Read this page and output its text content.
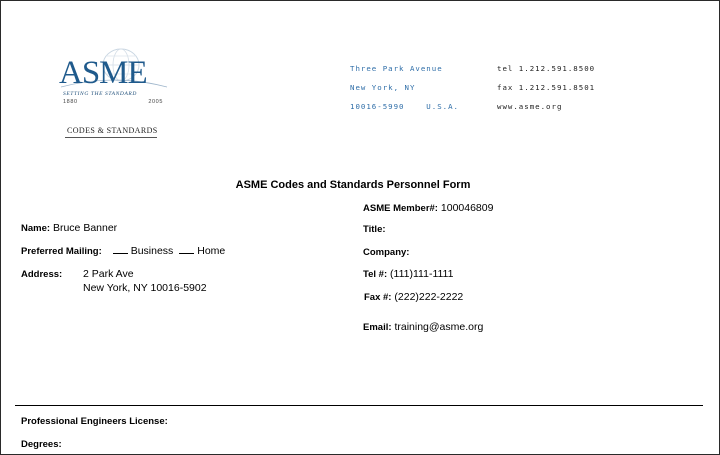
ASME
SETTING THE STANDARD
1880	2005
CODES & STANDARDS
Three Park Avenue
New York, NY
10016-5990    U.S.A.
tel 1.212.591.8500
fax 1.212.591.8501
www.asme.org
ASME Codes and Standards Personnel Form
Name: Bruce Banner
Preferred Mailing:	Business Home
Address: 2 Park Ave
New York, NY 10016-5902
ASME Member#: 100046809
Title:
Company:
Tel #: (111)111-1111
Fax #: (222)222-2222
Email: training@asme.org
Professional Engineers License:
Degrees:
